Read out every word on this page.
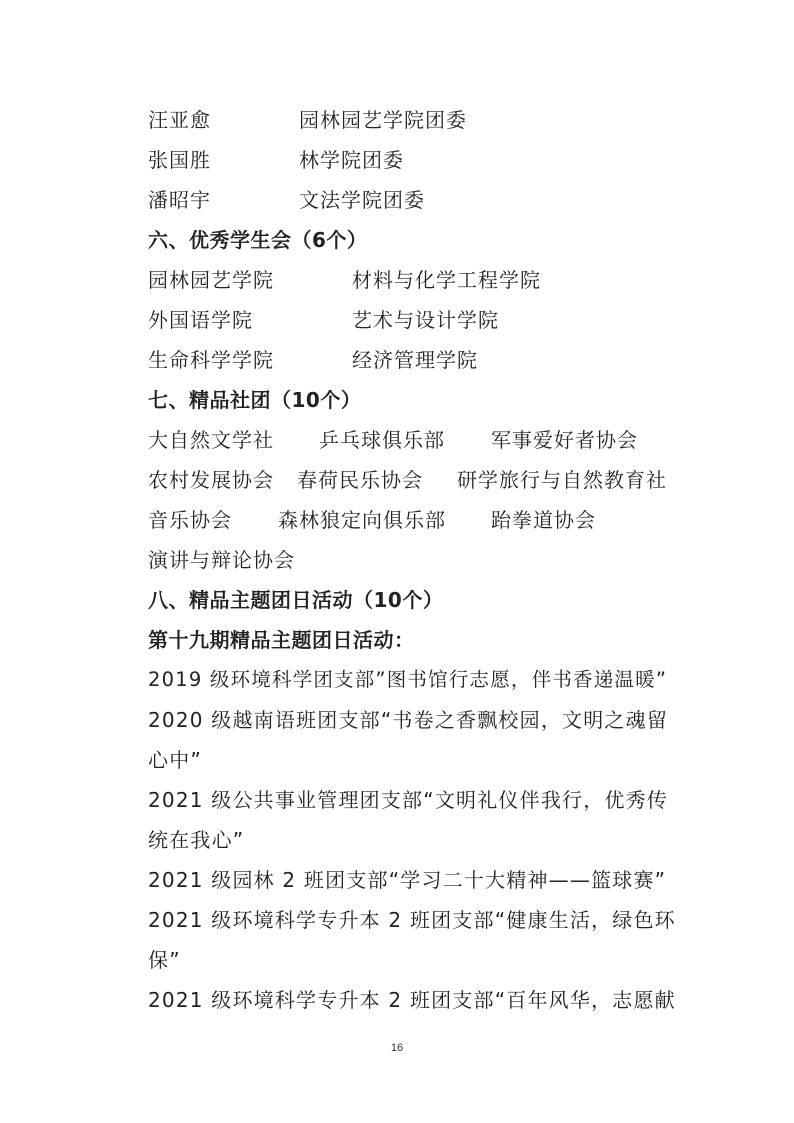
汪亚愈	园林园艺学院团委
张国胜	林学院团委
潘昭宇	文法学院团委
六、优秀学生会（6个）
园林园艺学院	材料与化学工程学院
外国语学院	艺术与设计学院
生命科学学院	经济管理学院
七、精品社团（10个）
大自然文学社 乒乓球俱乐部 军事爱好者协会
农村发展协会 春荷民乐协会 研学旅行与自然教育社
音乐协会 森林狼定向俱乐部 跆拳道协会
演讲与辩论协会
八、精品主题团日活动（10个）
第十九期精品主题团日活动：
2019 级环境科学团支部”图书馆行志愿，伴书香递温暖”
2020 级越南语班团支部“书卷之香飘校园，文明之魂留
心中”
2021 级公共事业管理团支部“文明礼仪伴我行，优秀传
统在我心”
2021 级园林 2 班团支部“学习二十大精神——篮球赛”
2021 级环境科学专升本 2 班团支部“健康生活，绿色环
保”
2021 级环境科学专升本 2 班团支部“百年风华，志愿献
16
